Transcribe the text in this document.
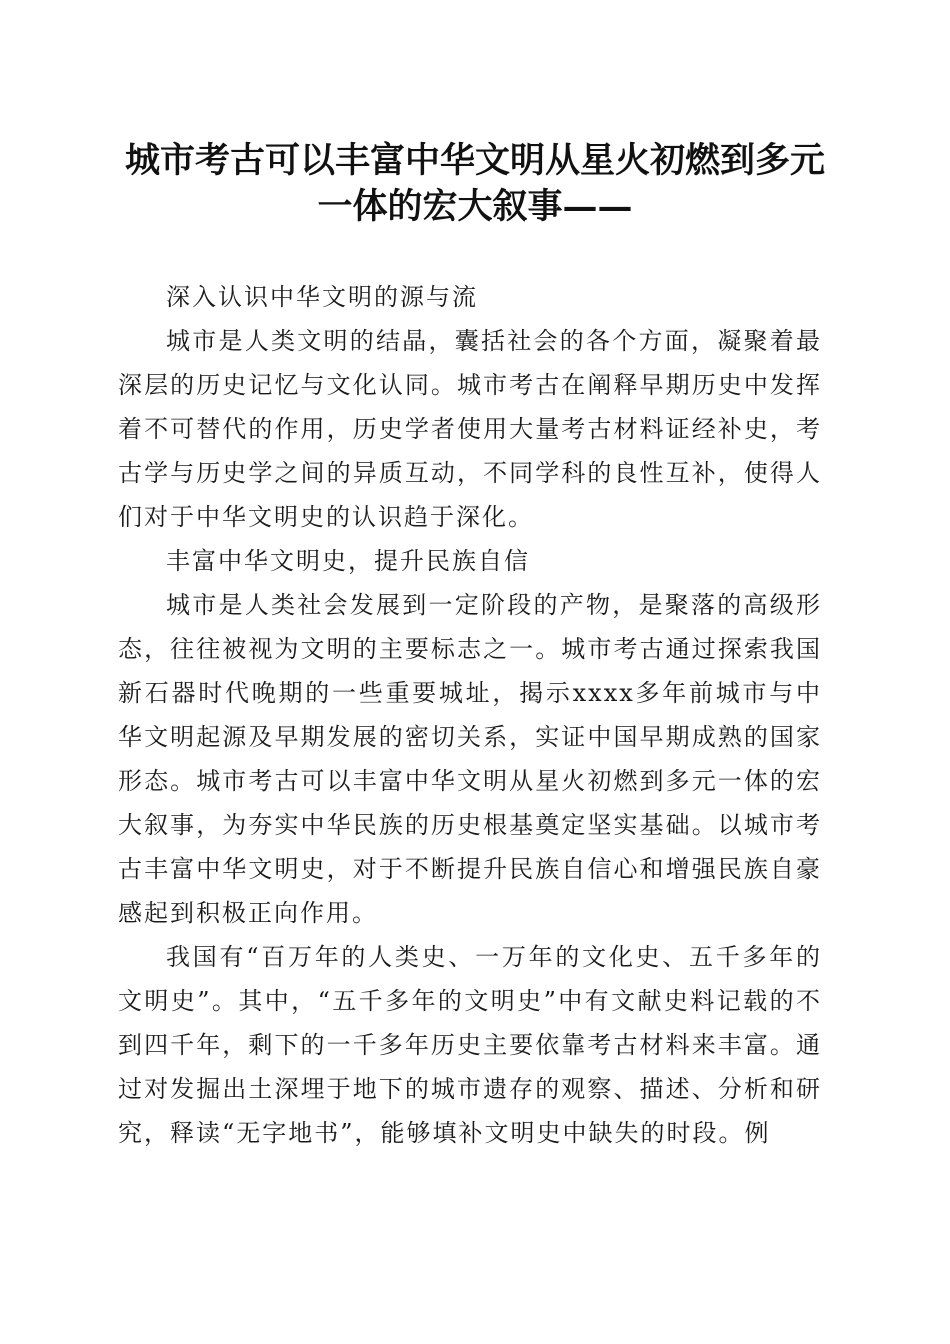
城市考古可以丰富中华文明从星火初燃到多元一体的宏大叙事——

深入认识中华文明的源与流

城市是人类文明的结晶，囊括社会的各个方面，凝聚着最深层的历史记忆与文化认同。城市考古在阐释早期历史中发挥着不可替代的作用，历史学者使用大量考古材料证经补史，考古学与历史学之间的异质互动，不同学科的良性互补，使得人们对于中华文明史的认识趋于深化。

丰富中华文明史，提升民族自信

城市是人类社会发展到一定阶段的产物，是聚落的高级形态，往往被视为文明的主要标志之一。城市考古通过探索我国新石器时代晚期的一些重要城址，揭示xxxx多年前城市与中华文明起源及早期发展的密切关系，实证中国早期成熟的国家形态。城市考古可以丰富中华文明从星火初燃到多元一体的宏大叙事，为夯实中华民族的历史根基奠定坚实基础。以城市考古丰富中华文明史，对于不断提升民族自信心和增强民族自豪感起到积极正向作用。

我国有“百万年的人类史、一万年的文化史、五千多年的文明史”。其中，“五千多年的文明史”中有文献史料记载的不到四千年，剩下的一千多年历史主要依靠考古材料来丰富。通过对发掘出土深埋于地下的城市遗存的观察、描述、分析和研究，释读“无字地书”，能够填补文明史中缺失的时段。例
